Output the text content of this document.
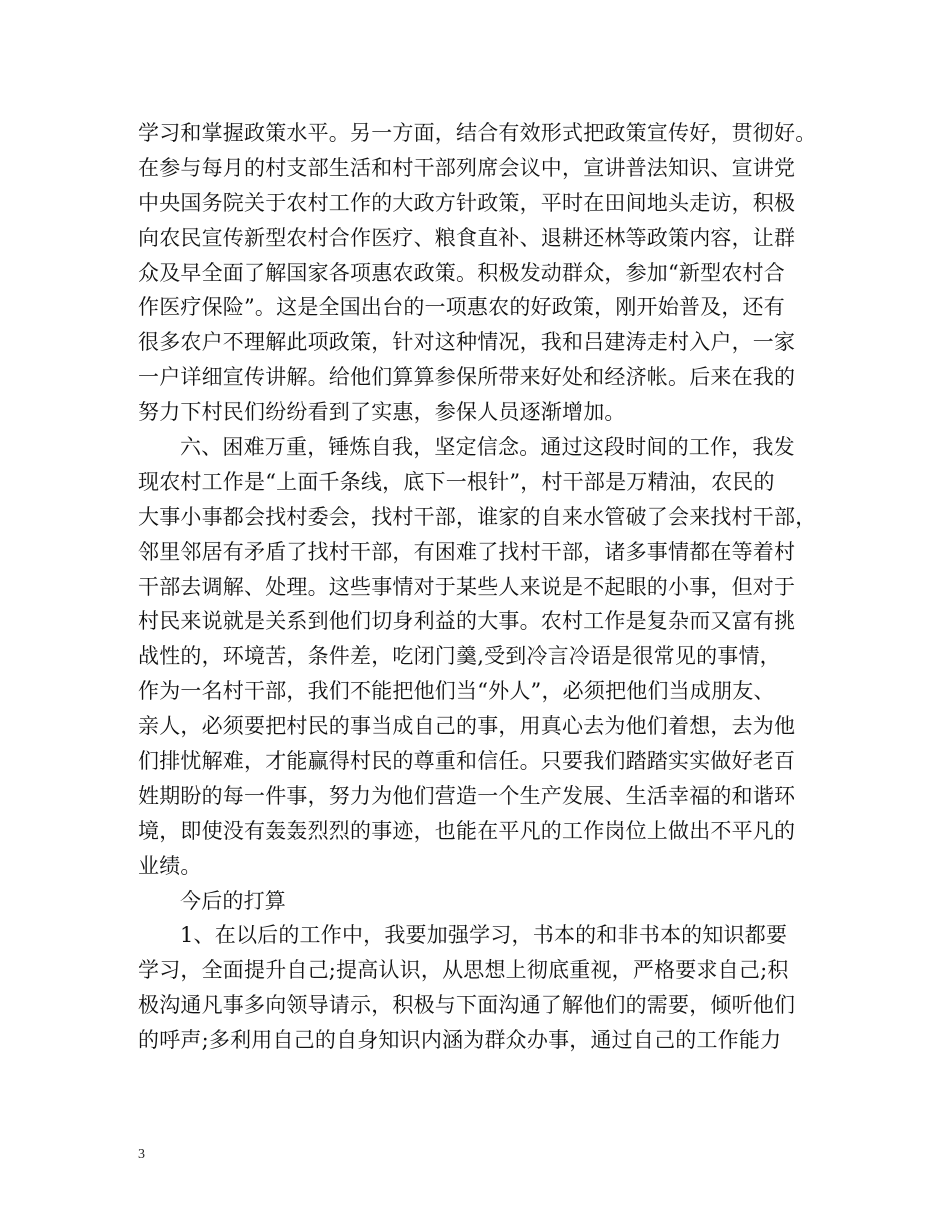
学习和掌握政策水平。另一方面，结合有效形式把政策宣传好，贯彻好。
在参与每月的村支部生活和村干部列席会议中，宣讲普法知识、宣讲党
中央国务院关于农村工作的大政方针政策，平时在田间地头走访，积极
向农民宣传新型农村合作医疗、粮食直补、退耕还林等政策内容，让群
众及早全面了解国家各项惠农政策。积极发动群众，参加“新型农村合
作医疗保险”。这是全国出台的一项惠农的好政策，刚开始普及，还有
很多农户不理解此项政策，针对这种情况，我和吕建涛走村入户，一家
一户详细宣传讲解。给他们算算参保所带来好处和经济帐。后来在我的
努力下村民们纷纷看到了实惠，参保人员逐渐增加。
六、困难万重，锤炼自我，坚定信念。通过这段时间的工作，我发
现农村工作是“上面千条线，底下一根针”，村干部是万精油，农民的
大事小事都会找村委会，找村干部，谁家的自来水管破了会来找村干部，
邻里邻居有矛盾了找村干部，有困难了找村干部，诸多事情都在等着村
干部去调解、处理。这些事情对于某些人来说是不起眼的小事，但对于
村民来说就是关系到他们切身利益的大事。农村工作是复杂而又富有挑
战性的，环境苦，条件差，吃闭门羹,受到冷言冷语是很常见的事情，
作为一名村干部，我们不能把他们当“外人”，必须把他们当成朋友、
亲人，必须要把村民的事当成自己的事，用真心去为他们着想，去为他
们排忧解难，才能赢得村民的尊重和信任。只要我们踏踏实实做好老百
姓期盼的每一件事，努力为他们营造一个生产发展、生活幸福的和谐环
境，即使没有轰轰烈烈的事迹，也能在平凡的工作岗位上做出不平凡的
业绩。
今后的打算
1、在以后的工作中，我要加强学习，书本的和非书本的知识都要
学习，全面提升自己;提高认识，从思想上彻底重视，严格要求自己;积
极沟通凡事多向领导请示，积极与下面沟通了解他们的需要，倾听他们
的呼声;多利用自己的自身知识内涵为群众办事，通过自己的工作能力
3
